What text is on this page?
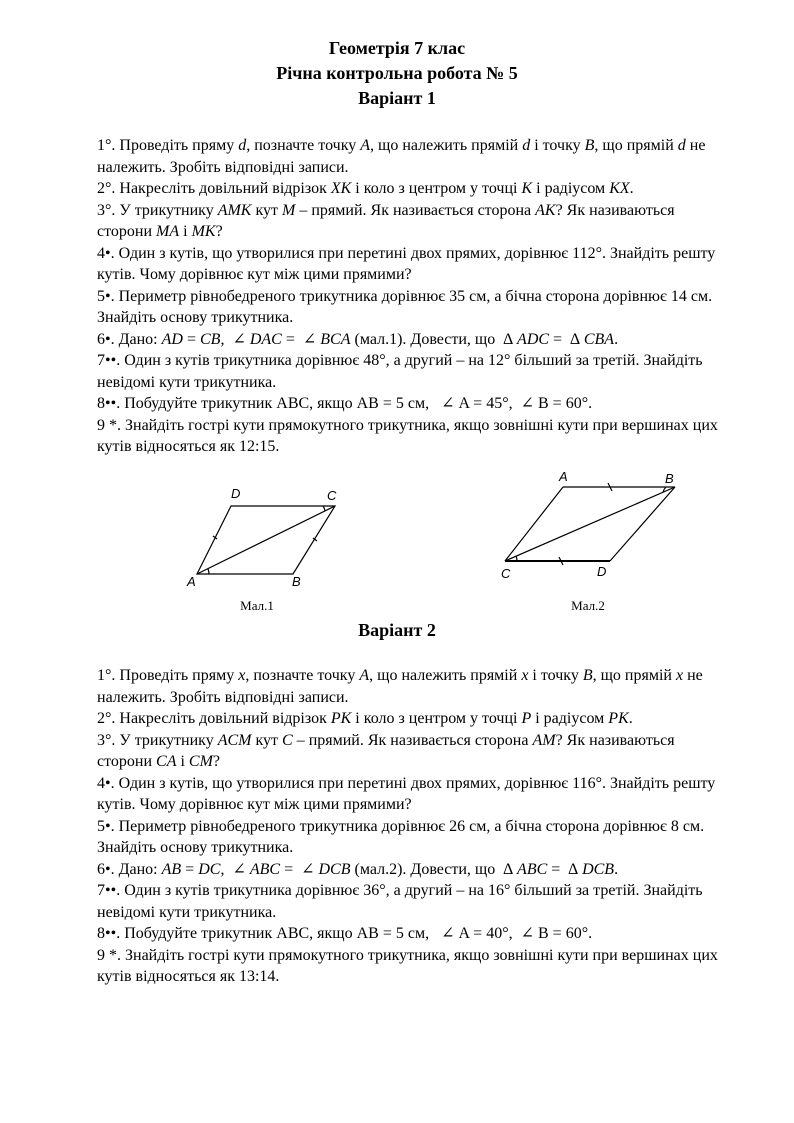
Геометрія 7 клас
Річна контрольна робота № 5
Варіант 1

1°. Проведіть пряму d, позначте точку A, що належить прямій d і точку B, що прямій d не належить. Зробіть відповідні записи.

2°. Накресліть довільний відрізок XK і коло з центром у точці K і радіусом KX.

3°. У трикутнику AMK кут M – прямий. Як називається сторона AK? Як називаються сторони MA і MK?

4•. Один з кутів, що утворилися при перетині двох прямих, дорівнює 112°. Знайдіть решту кутів. Чому дорівнює кут між цими прямими?

5•. Периметр рівнобедреного трикутника дорівнює 35 см, а бічна сторона дорівнює 14 см. Знайдіть основу трикутника.

6•. Дано: AD = CB,  ∠ DAC =  ∠ BCA (мал.1). Довести, що  ∆ ADC =  ∆ CBA.

7••. Один з кутів трикутника дорівнює 48°, а другий – на 12° більший за третій. Знайдіть невідомі кути трикутника.

8••. Побудуйте трикутник ABC, якщо AB = 5 см,   ∠ A = 45°,  ∠ B = 60°.

9 *. Знайдіть гострі кути прямокутного трикутника, якщо зовнішні кути при вершинах цих кутів відносяться як 12:15.

A	B
C
D
Мал.1
A	B
C	D
Мал.2
Варіант 2

1°. Проведіть пряму x, позначте точку A, що належить прямій x і точку B, що прямій x не належить. Зробіть відповідні записи.

2°. Накресліть довільний відрізок PK і коло з центром у точці P і радіусом PK.

3°. У трикутнику ACM кут C – прямий. Як називається сторона AM? Як називаються сторони CA і CM?

4•. Один з кутів, що утворилися при перетині двох прямих, дорівнює 116°. Знайдіть решту кутів. Чому дорівнює кут між цими прямими?

5•. Периметр рівнобедреного трикутника дорівнює 26 см, а бічна сторона дорівнює 8 см. Знайдіть основу трикутника.

6•. Дано: AB = DC,  ∠ ABC =  ∠ DCB (мал.2). Довести, що  ∆ ABC =  ∆ DCB.

7••. Один з кутів трикутника дорівнює 36°, а другий – на 16° більший за третій. Знайдіть невідомі кути трикутника.

8••. Побудуйте трикутник ABC, якщо AB = 5 см,   ∠ A = 40°,  ∠ B = 60°.

9 *. Знайдіть гострі кути прямокутного трикутника, якщо зовнішні кути при вершинах цих кутів відносяться як 13:14.
